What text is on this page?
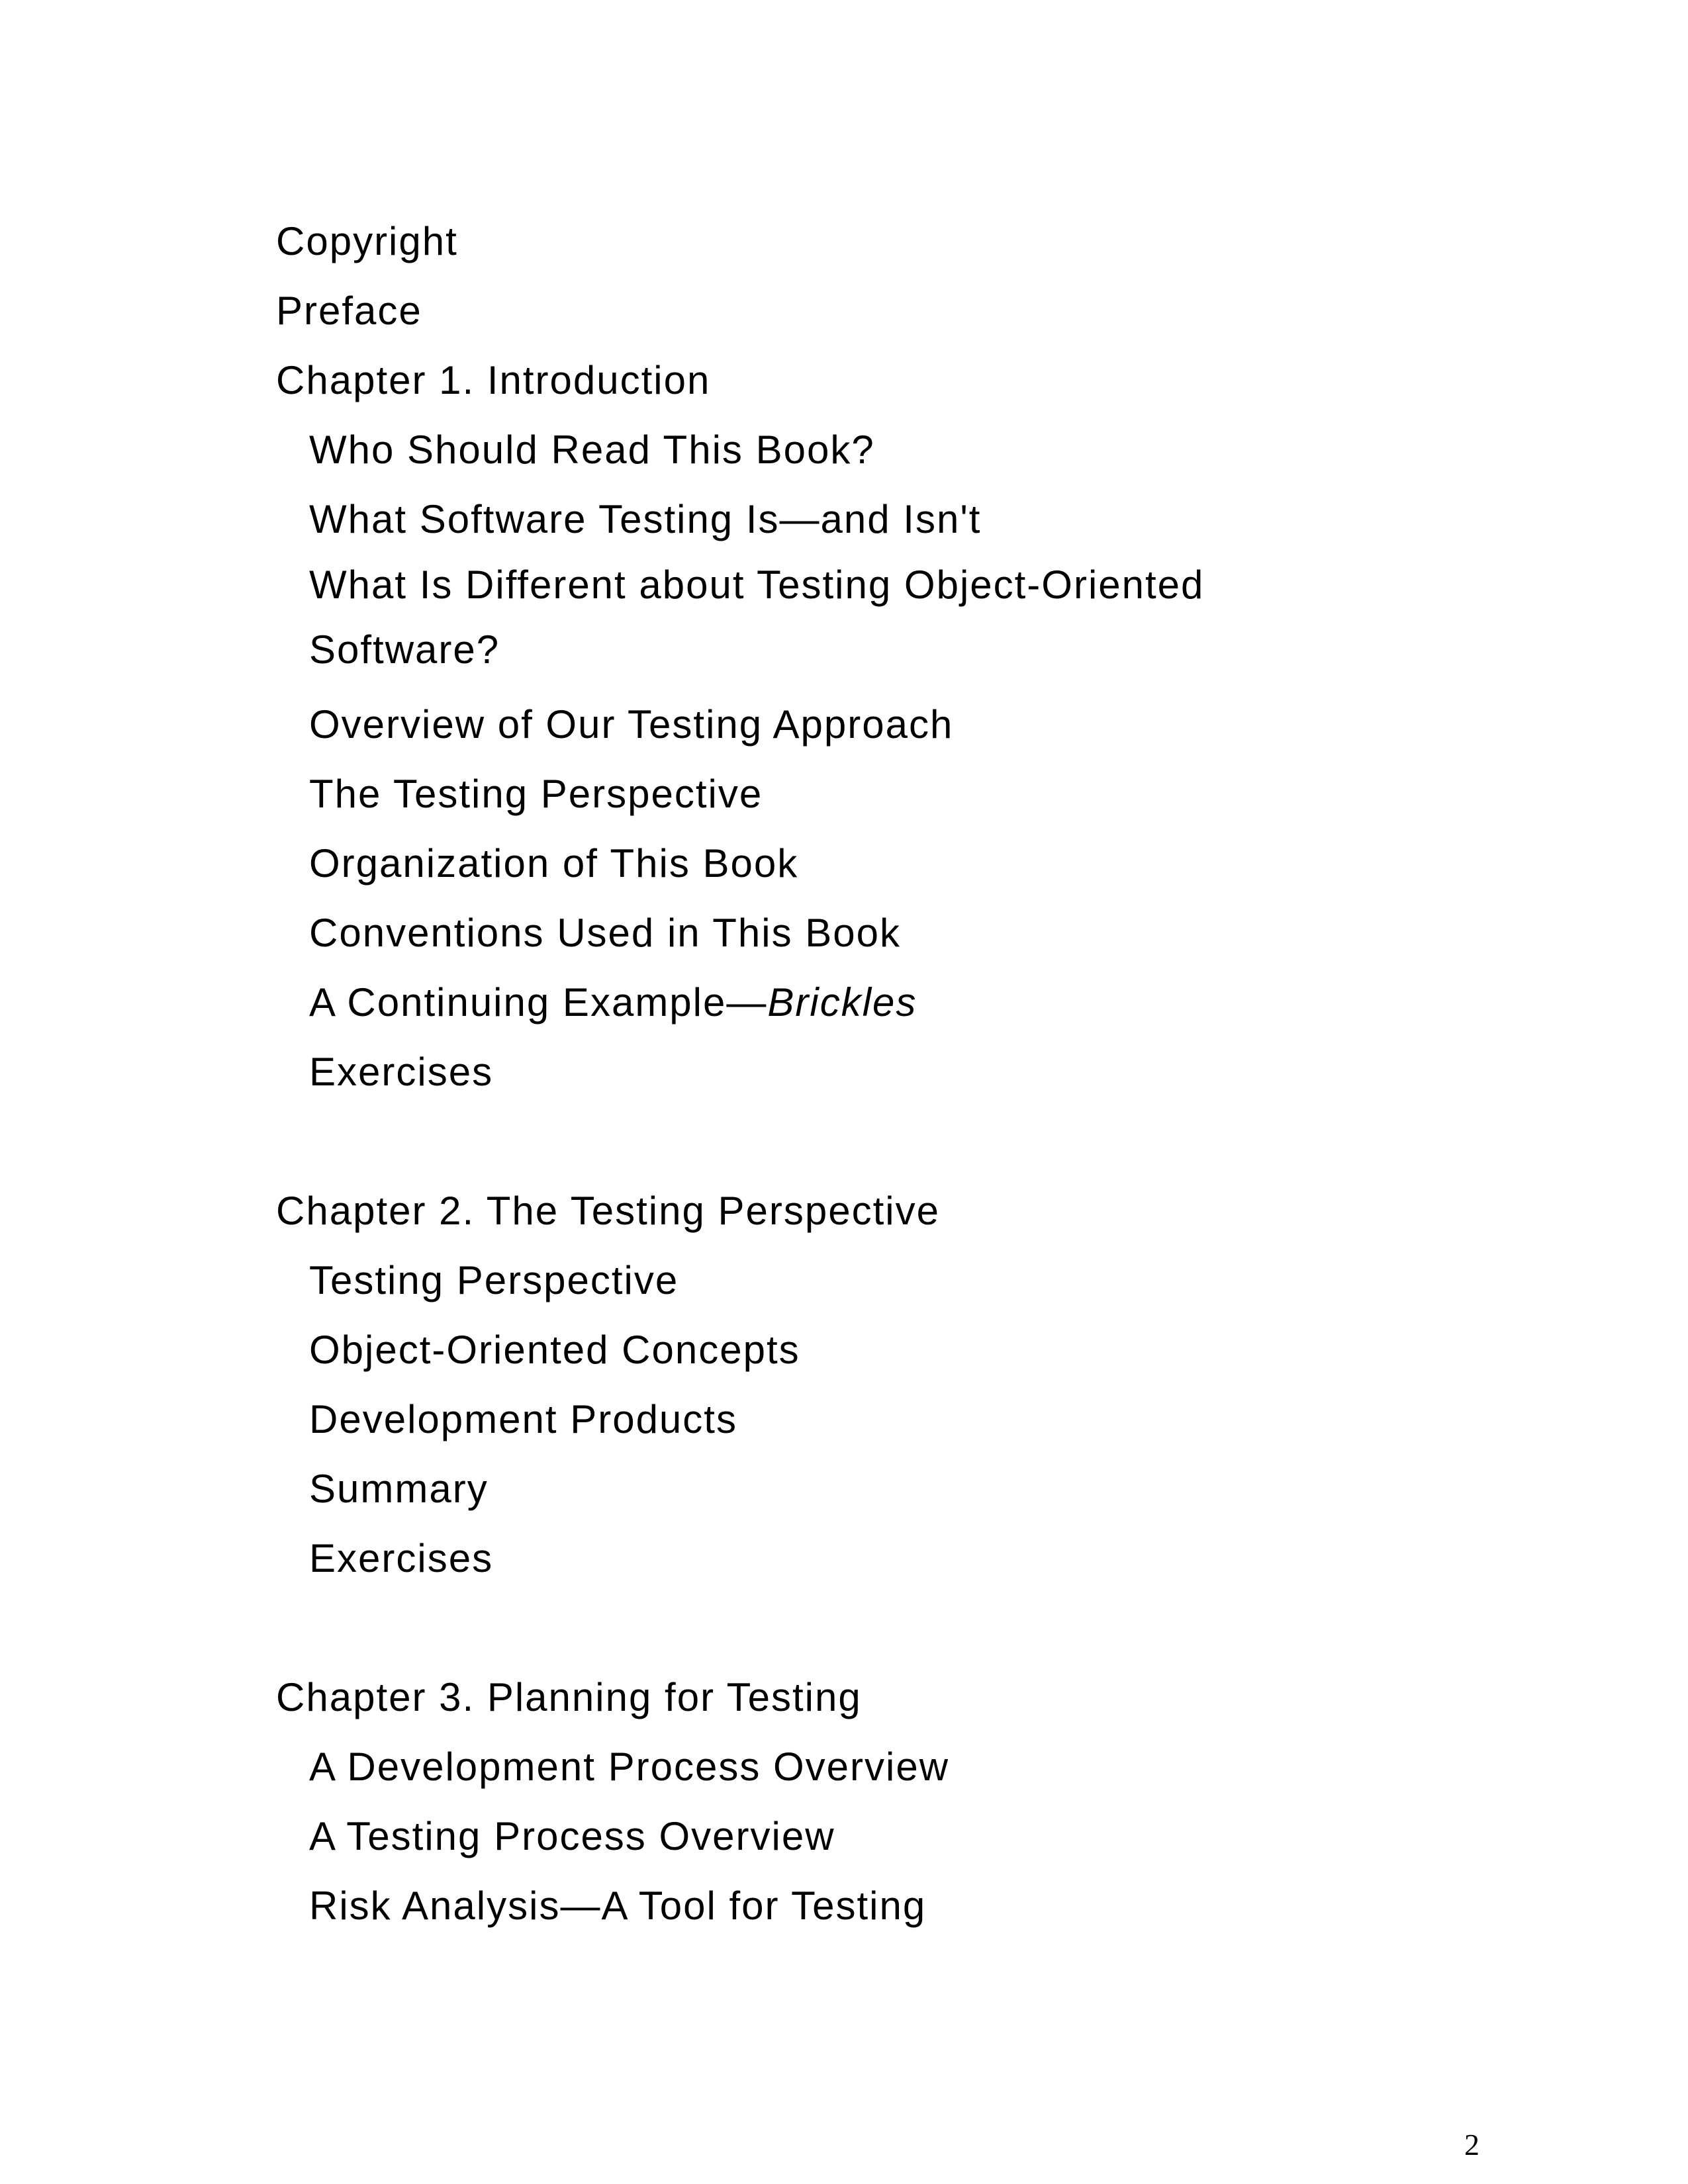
Copyright
Preface
Chapter 1. Introduction
Who Should Read This Book?
What Software Testing Is—and Isn't
What Is Different about Testing Object-Oriented Software?
Overview of Our Testing Approach
The Testing Perspective
Organization of This Book
Conventions Used in This Book
A Continuing Example—Brickles
Exercises
Chapter 2. The Testing Perspective
Testing Perspective
Object-Oriented Concepts
Development Products
Summary
Exercises
Chapter 3. Planning for Testing
A Development Process Overview
A Testing Process Overview
Risk Analysis—A Tool for Testing
2
